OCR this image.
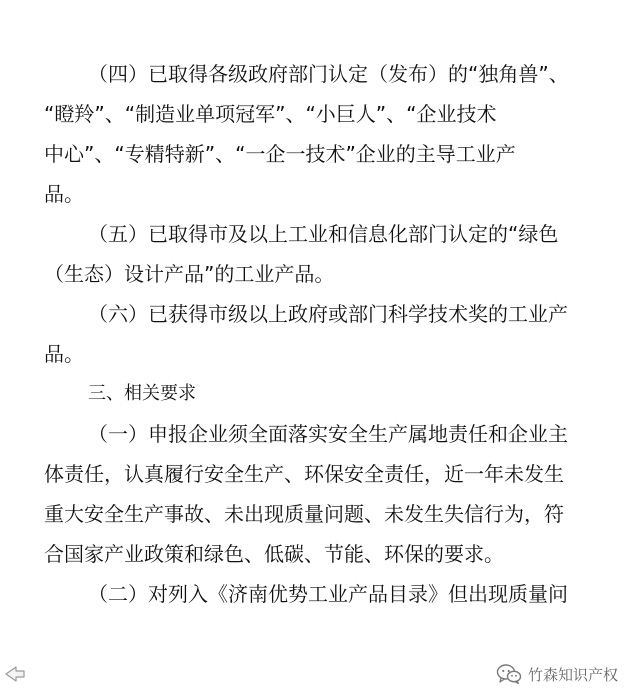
（四）已取得各级政府部门认定（发布）的“独角兽”、
“瞪羚”、“制造业单项冠军”、“小巨人”、“企业技术
中心”、“专精特新”、“一企一技术”企业的主导工业产
品。
（五）已取得市及以上工业和信息化部门认定的“绿色
（生态）设计产品”的工业产品。
（六）已获得市级以上政府或部门科学技术奖的工业产
品。
三、相关要求
（一）申报企业须全面落实安全生产属地责任和企业主
体责任，认真履行安全生产、环保安全责任，近一年未发生
重大安全生产事故、未出现质量问题、未发生失信行为，符
合国家产业政策和绿色、低碳、节能、环保的要求。
（二）对列入《济南优势工业产品目录》但出现质量问
竹森知识产权
